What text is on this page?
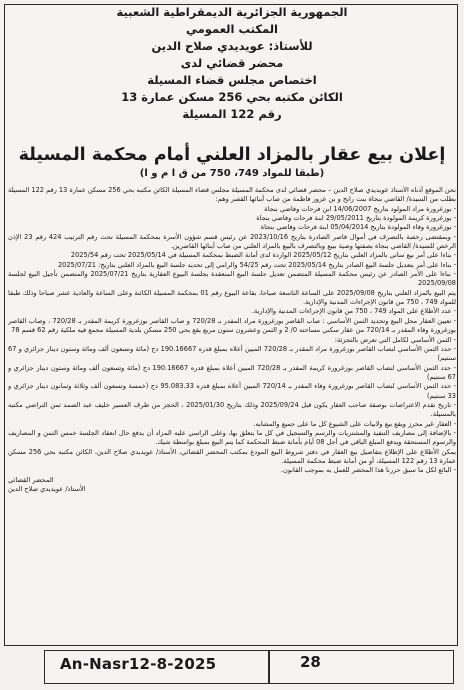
الجمهورية الجزائرية الديمقراطية الشعبية
المكتب العمومي
للأستاذ: عويديدي صلاح الدين
محضر قضائي لدى
اختصاص مجلس قضاء المسيلة
الكائن مكتبه بحي 256 مسكن عمارة 13
رقم 122 المسيلة
إعلان بيع عقار بالمزاد العلني أمام محكمة المسيلة
(طبقا للمواد 749، 750 من ق ا م و ا)

نحن الموقع أدناه الأستاذ عويديدي صلاح الدين – محضر قضائي لدى محكمة المسيلة مجلس قضاء المسيلة الكائن مكتبه بحي 256 مسكن عمارة 13 رقم 122 المسيلة

بطلب من السيدة/ القاضي بنجاة بنت رابح و بن عزوز فاطمة من صاب أبنائها القصر وهم:

- بوزغرورة مراد المولود بتاريخ 14/06/2007 ابن فرحات وفاضي بنجاة

- بوزغرورة كريمة المولودة بتاريخ 29/05/2011 ابنة فرحات وفاضي بنجاة

- بوزغرورة وفاء المولودة بتاريخ 05/04/2014 ابنة فرحات وفاضي بنجاة

- وبمقتضى رخصة بالتصرف في أموال قاصر الصادرة بتاريخ 2023/10/16 عن رئيس قسم شؤون الأسرة بمحكمة المسيلة تحت رقم الترتيب 424 رقم 23 الإذن الرخص للسيدة/ القاضي بنجاة بصفتها وصية ببيع وبالتصرف بالبيع بالمزاد العلني من صاب أبنائها القاصرين.

- بناءا على أمر بيع ساتي بالمزاد العلني بتاريخ 2025/05/12 الواردة لدى أمانة الضبط بمحكمة المسيلة في 2025/05/14 تحت رقم 2025/54

- بناءا على أمر بتعديل جلسة البيع الصادر بتاريخ 2025/05/14 تحت رقم 54/25 والرامي إلى تحديد جلسة البيع بالمزاد العلني بتاريخ: 2025/07/21

- بناءا على الأمر الصادر عن رئيس محكمة المسيلة المتضمن تعديل جلسة البيع المنعقدة بجلسة البيوع العقارية بتاريخ 2025/07/21 والمتضمن تأجيل البيع لجلسة 2025/09/08

يتم البيع بالمزاد العلني بتاريخ 2025/09/08 على الساعة التاسعة صباحا، بقاعة البيوع رقم 01 بمحكمة المسيلة الكائنة وعلى الساعة والعادية عشر صباحا وذلك طبقا للمواد 749 ، 750 من قانون الإجراءات المدنية والإدارية.

- عدد الأطلاع على المواد 749 ، 750 من قانون الإجراءات المدنية والإدارية.

- تعيين العقار محل البيع وتحديد الثمن الأساسي : صاب القاصر بوزغرورة مراد المقدر بـ 720/28 و صاب القاصر بوزغرورة كريمة المقدر بـ 720/28 ، وصاب القاصر بوزغرورة وفاء المقدر بـ 720/14 من عقار سكني مساحته 0/ 2 و الثمن وعشرون ستون مربع يقع بحي 250 مسكن بلدية المسيلة مجمع فيه ملكية رقم 62 قسم 78

- الثمن الأساسي لكامل التي تعرض بالتجزئة:

- حدد الثمن الأساسي لنصاب القاصر بوزغرورة مراد المقدر بـ 720/28 المبين أعلاه بمبلغ قدره 190.16667 دج (مائة وتسعون ألف ومائة وستون دينار جزائري و 67 سنتيم)

- حدد الثمن الأساسي لنصاب القاصر بوزغرورة كريمة المقدر بـ 720/28 المبين أعلاه بمبلغ قدره 190.16667 دج (مائة وتسعون ألف ومائة وستون دينار جزائري و 67 سنتيم)

- حدد الثمن الأساسي لنصاب القاصر بوزغرورة وفاء المقدر بـ 720/14 المبين أعلاه بمبلغ قدره 95.083.33 دج (خمسة وتسعون ألف وثلاثة وثمانون دينار جزائري و 33 سنتيم)

- تاريخ تقدم الاعتراضات بوصفة صاحب العقار يكون قبل 2025/09/24 وذلك بتاريخ 2025/01/30 ، الحجز من طرف العسير خليف عبد الصمد ثمن التراضي مكتبه بالمسيلة.

- العقار غير محرز ويقع بيع ولابيات على الشيوع كل ما على جميع والمشابه.

- بالإضافة إلى مصاريف التنفيذ والمشتريات والرسم والتسجيل في كل ما يتعلق بها، وعلى الراسي عليه المزاد أن يدفع حال انعقاد الجلسة خمس الثمن و المصاريف والرسوم المستحقة ويدفع المبلغ الباقي في أجل 08 أيام بأمانة ضبط المحكمة كما يتم البيع بمبلغ بواسطة شيك.

يمكن الأطلاع على الإطلاع بتفاصيل بيع العقار في دفتر شروط البيع المودع بمكتب المحضر القضائي، الأستاذ/ عويديدي صلاح الدين، الكائن مكتبه بحي 256 مسكن عمارة 13 رقم 122 المسيلة، أو من أمانة ضبط محكمة المسيلة.

- البائع لكل ما سبق حررنا هذا المحضر للعمل به بموجب القانون.

المحضر القضائي

الأستاذ/ عويديدي صلاح الدين

An-Nasr12-8-2025	28
